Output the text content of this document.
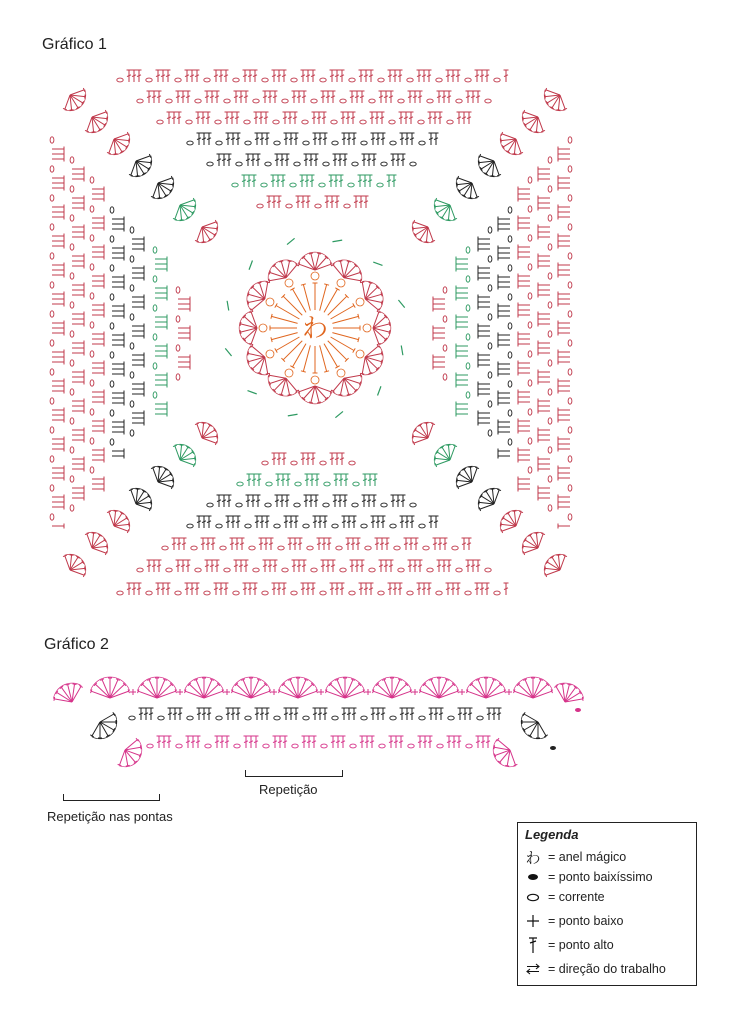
Gráfico 1
わ
Gráfico 2
Repetição
Repetição nas pontas
Legenda
わ = anel mágico
= ponto baixíssimo
= corrente
= ponto baixo
= ponto alto
= direção do trabalho
